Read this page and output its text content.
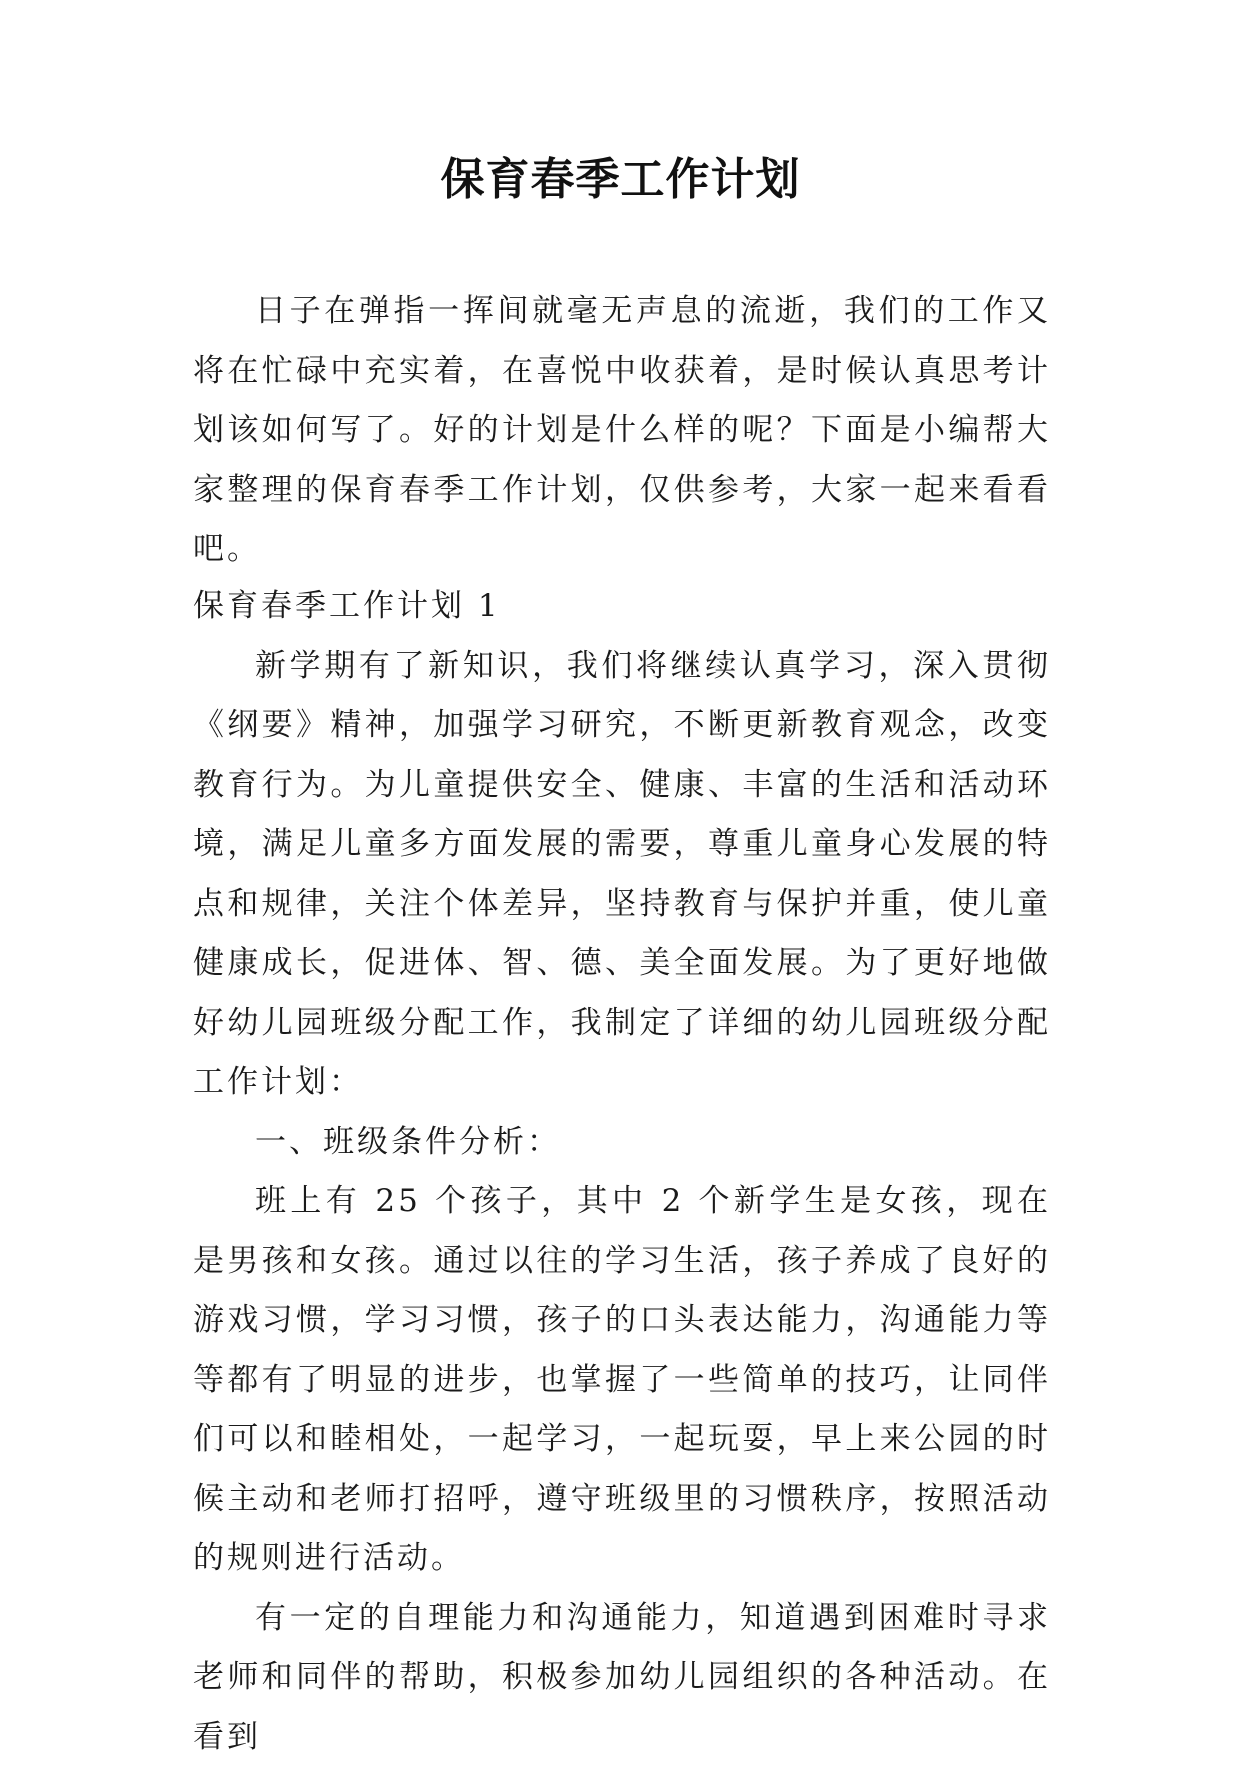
保育春季工作计划

日子在弹指一挥间就毫无声息的流逝，我们的工作又将在忙碌中充实着，在喜悦中收获着，是时候认真思考计划该如何写了。好的计划是什么样的呢？下面是小编帮大家整理的保育春季工作计划，仅供参考，大家一起来看看吧。

保育春季工作计划 1

新学期有了新知识，我们将继续认真学习，深入贯彻《纲要》精神，加强学习研究，不断更新教育观念，改变教育行为。为儿童提供安全、健康、丰富的生活和活动环境，满足儿童多方面发展的需要，尊重儿童身心发展的特点和规律，关注个体差异，坚持教育与保护并重，使儿童健康成长，促进体、智、德、美全面发展。为了更好地做好幼儿园班级分配工作，我制定了详细的幼儿园班级分配工作计划：

一、班级条件分析：

班上有 25 个孩子，其中 2 个新学生是女孩，现在是男孩和女孩。通过以往的学习生活，孩子养成了良好的游戏习惯，学习习惯，孩子的口头表达能力，沟通能力等等都有了明显的进步，也掌握了一些简单的技巧，让同伴们可以和睦相处，一起学习，一起玩耍，早上来公园的时候主动和老师打招呼，遵守班级里的习惯秩序，按照活动的规则进行活动。

有一定的自理能力和沟通能力，知道遇到困难时寻求老师和同伴的帮助，积极参加幼儿园组织的各种活动。在看到
